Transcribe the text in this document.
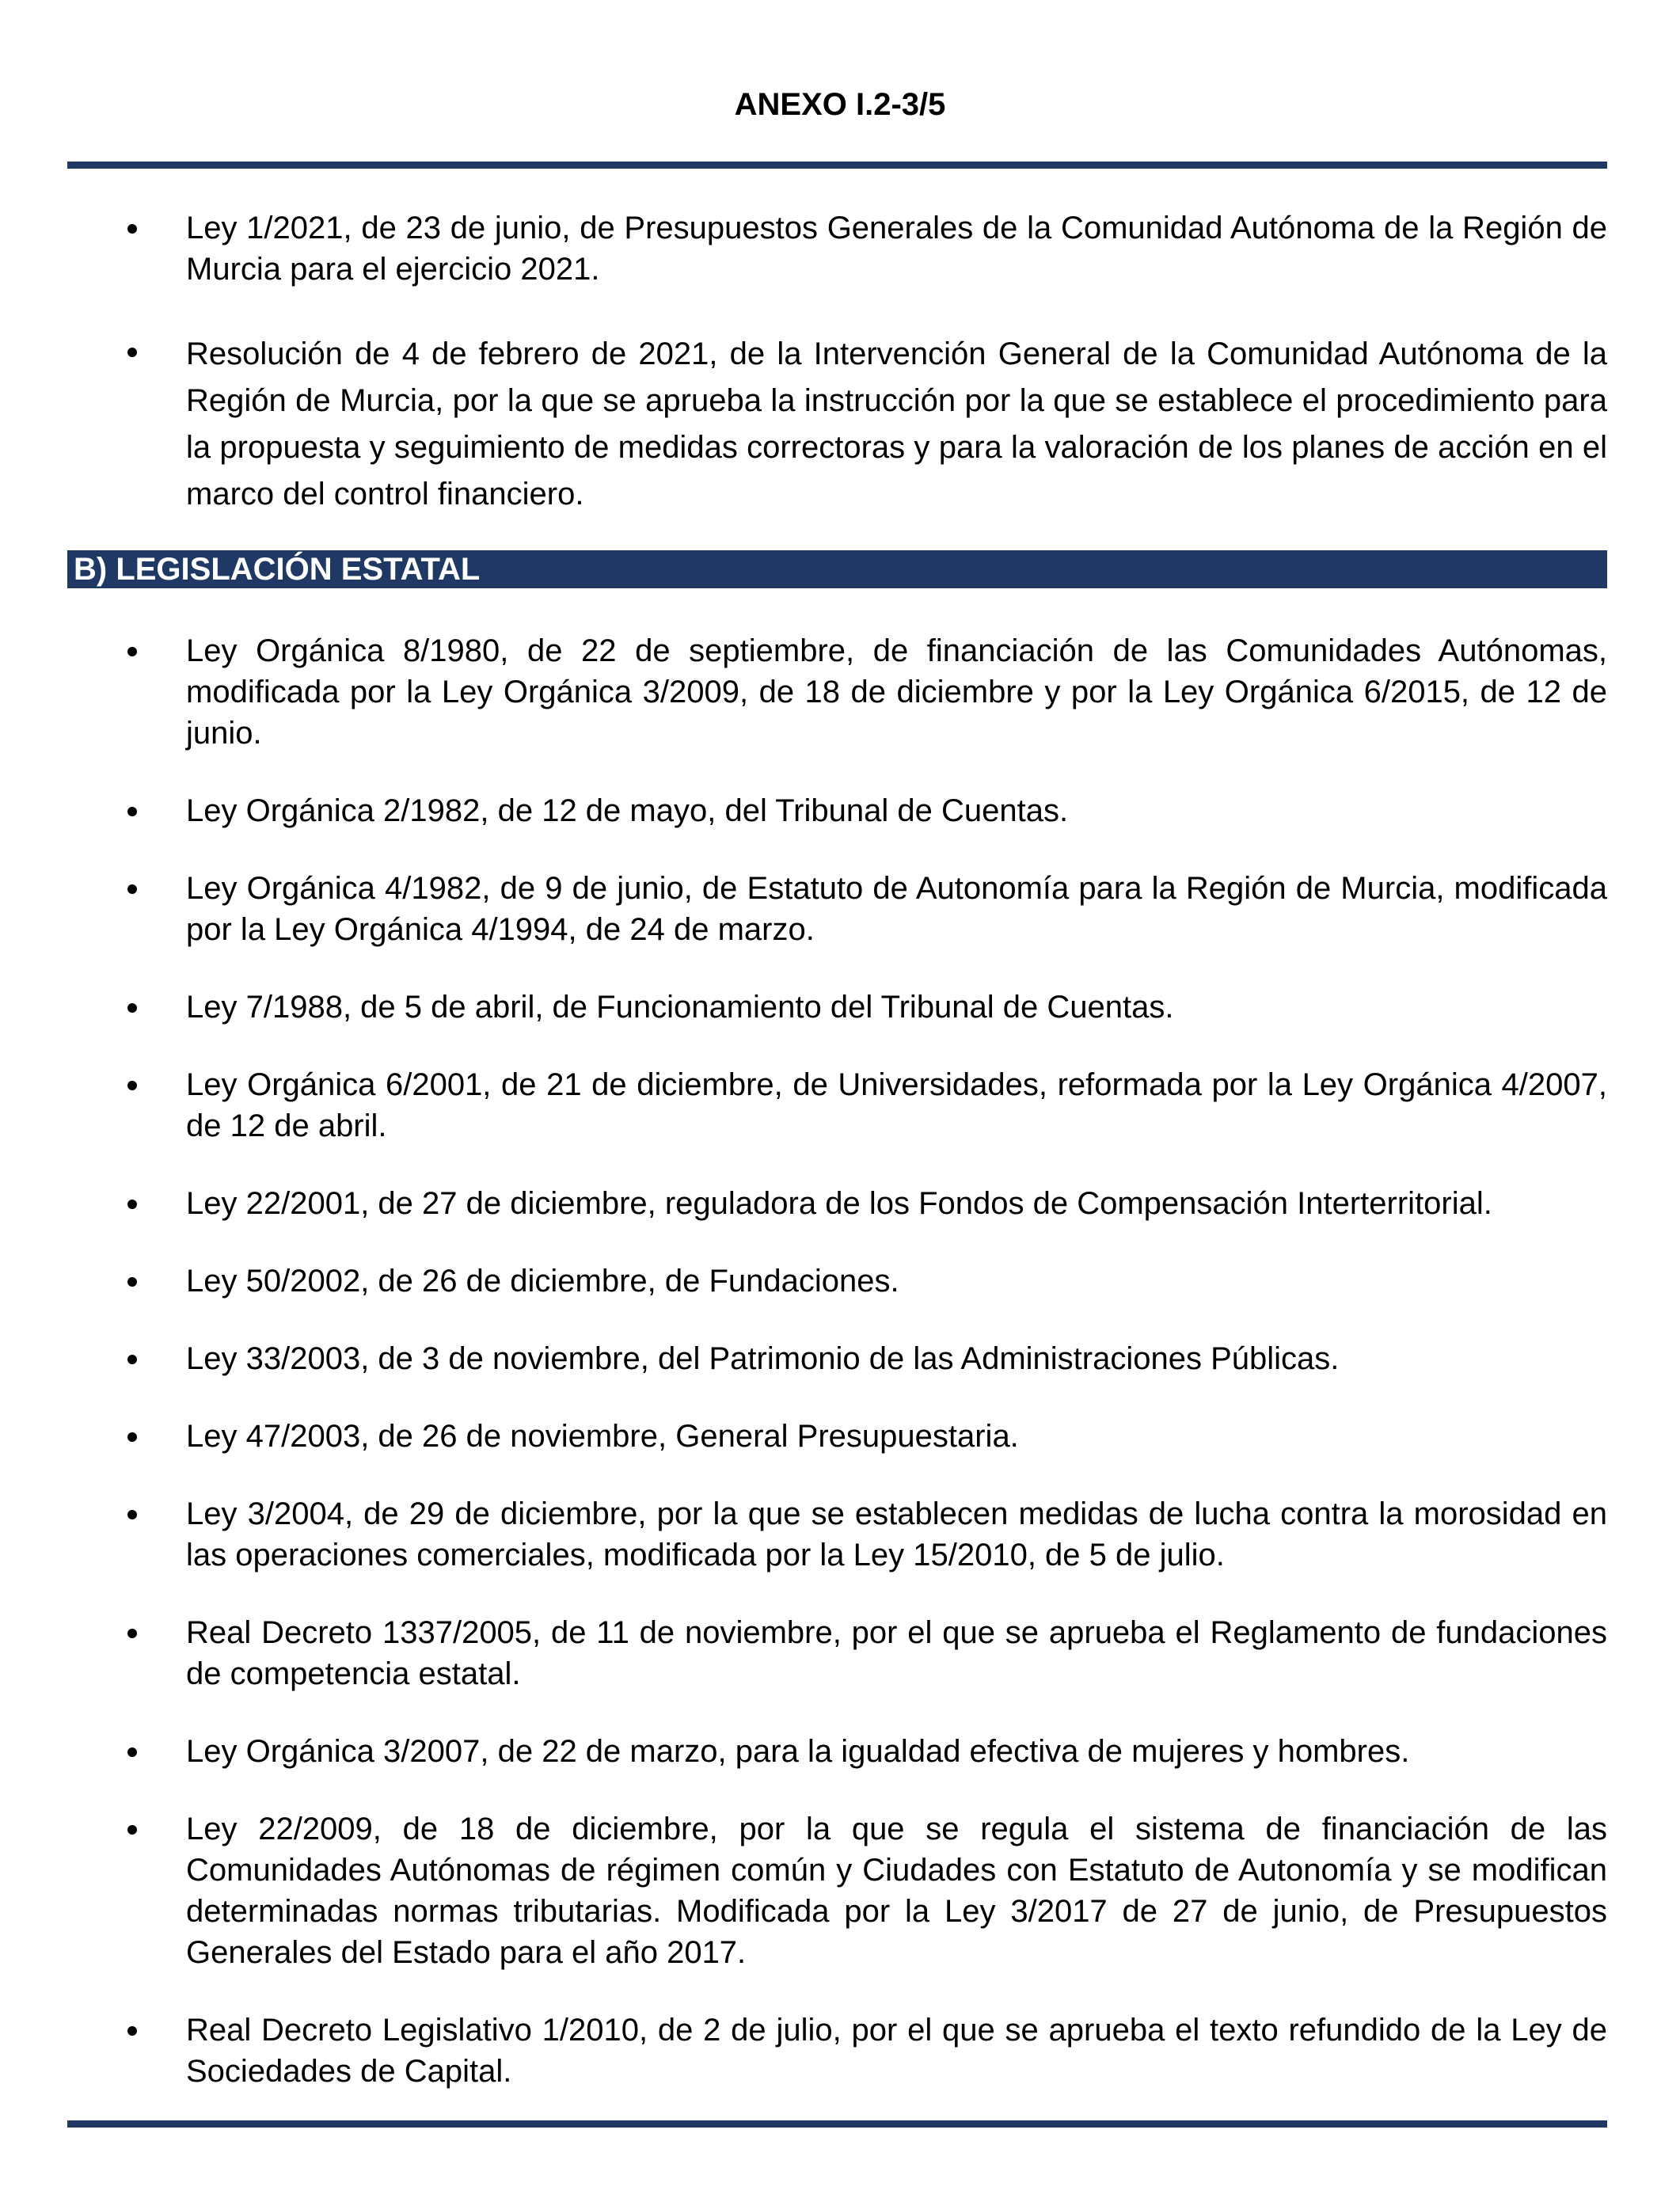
ANEXO I.2-3/5
Ley 1/2021, de 23 de junio, de Presupuestos Generales de la Comunidad Autónoma de la Región de Murcia para el ejercicio 2021.
Resolución de 4 de febrero de 2021, de la Intervención General de la Comunidad Autónoma de la Región de Murcia, por la que se aprueba la instrucción por la que se establece el procedimiento para la propuesta y seguimiento de medidas correctoras y para la valoración de los planes de acción en el marco del control financiero.
B) LEGISLACIÓN ESTATAL
Ley Orgánica 8/1980, de 22 de septiembre, de financiación de las Comunidades Autónomas, modificada por la Ley Orgánica 3/2009, de 18 de diciembre y por la Ley Orgánica 6/2015, de 12 de junio.
Ley Orgánica 2/1982, de 12 de mayo, del Tribunal de Cuentas.
Ley Orgánica 4/1982, de 9 de junio, de Estatuto de Autonomía para la Región de Murcia, modificada por la Ley Orgánica 4/1994, de 24 de marzo.
Ley 7/1988, de 5 de abril, de Funcionamiento del Tribunal de Cuentas.
Ley Orgánica 6/2001, de 21 de diciembre, de Universidades, reformada por la Ley Orgánica 4/2007, de 12 de abril.
Ley 22/2001, de 27 de diciembre, reguladora de los Fondos de Compensación Interterritorial.
Ley 50/2002, de 26 de diciembre, de Fundaciones.
Ley 33/2003, de 3 de noviembre, del Patrimonio de las Administraciones Públicas.
Ley 47/2003, de 26 de noviembre, General Presupuestaria.
Ley 3/2004, de 29 de diciembre, por la que se establecen medidas de lucha contra la morosidad en las operaciones comerciales, modificada por la Ley 15/2010, de 5 de julio.
Real Decreto 1337/2005, de 11 de noviembre, por el que se aprueba el Reglamento de fundaciones de competencia estatal.
Ley Orgánica 3/2007, de 22 de marzo, para la igualdad efectiva de mujeres y hombres.
Ley 22/2009, de 18 de diciembre, por la que se regula el sistema de financiación de las Comunidades Autónomas de régimen común y Ciudades con Estatuto de Autonomía y se modifican determinadas normas tributarias. Modificada por la Ley 3/2017 de 27 de junio, de Presupuestos Generales del Estado para el año 2017.
Real Decreto Legislativo 1/2010, de 2 de julio, por el que se aprueba el texto refundido de la Ley de Sociedades de Capital.
